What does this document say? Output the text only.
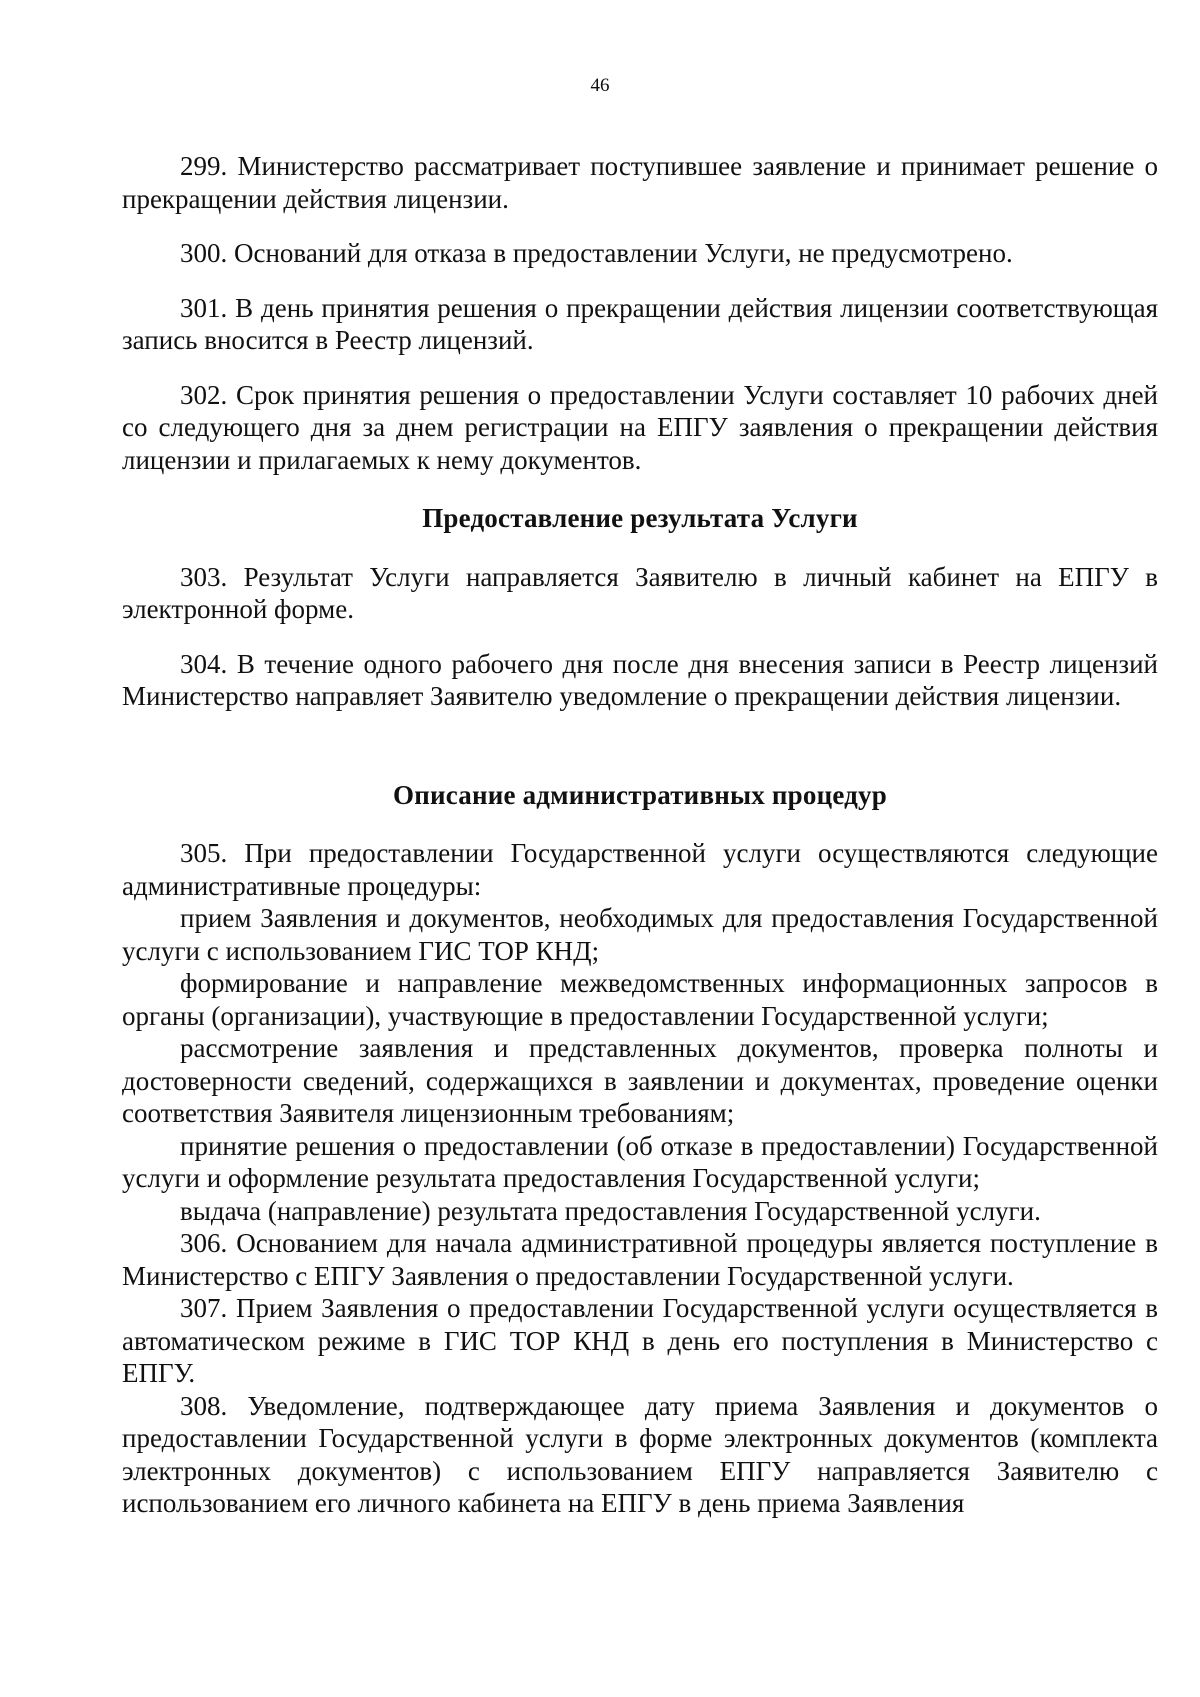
46

299. Министерство рассматривает поступившее заявление и принимает решение о прекращении действия лицензии.

300. Оснований для отказа в предоставлении Услуги, не предусмотрено.

301. В день принятия решения о прекращении действия лицензии соответствующая запись вносится в Реестр лицензий.

302. Срок принятия решения о предоставлении Услуги составляет 10 рабочих дней со следующего дня за днем регистрации на ЕПГУ заявления о прекращении действия лицензии и прилагаемых к нему документов.

Предоставление результата Услуги

303. Результат Услуги направляется Заявителю в личный кабинет на ЕПГУ в электронной форме.

304. В течение одного рабочего дня после дня внесения записи в Реестр лицензий Министерство направляет Заявителю уведомление о прекращении действия лицензии.

Описание административных процедур

305. При предоставлении Государственной услуги осуществляются следующие административные процедуры:

прием Заявления и документов, необходимых для предоставления Государственной услуги с использованием ГИС ТОР КНД;

формирование и направление межведомственных информационных запросов в органы (организации), участвующие в предоставлении Государственной услуги;

рассмотрение заявления и представленных документов, проверка полноты и достоверности сведений, содержащихся в заявлении и документах, проведение оценки соответствия Заявителя лицензионным требованиям;

принятие решения о предоставлении (об отказе в предоставлении) Государственной услуги и оформление результата предоставления Государственной услуги;

выдача (направление) результата предоставления Государственной услуги.

306. Основанием для начала административной процедуры является поступление в Министерство с ЕПГУ Заявления о предоставлении Государственной услуги.

307. Прием Заявления о предоставлении Государственной услуги осуществляется в автоматическом режиме в ГИС ТОР КНД в день его поступления в Министерство с ЕПГУ.

308. Уведомление, подтверждающее дату приема Заявления и документов о предоставлении Государственной услуги в форме электронных документов (комплекта электронных документов) с использованием ЕПГУ направляется Заявителю с использованием его личного кабинета на ЕПГУ в день приема Заявления
